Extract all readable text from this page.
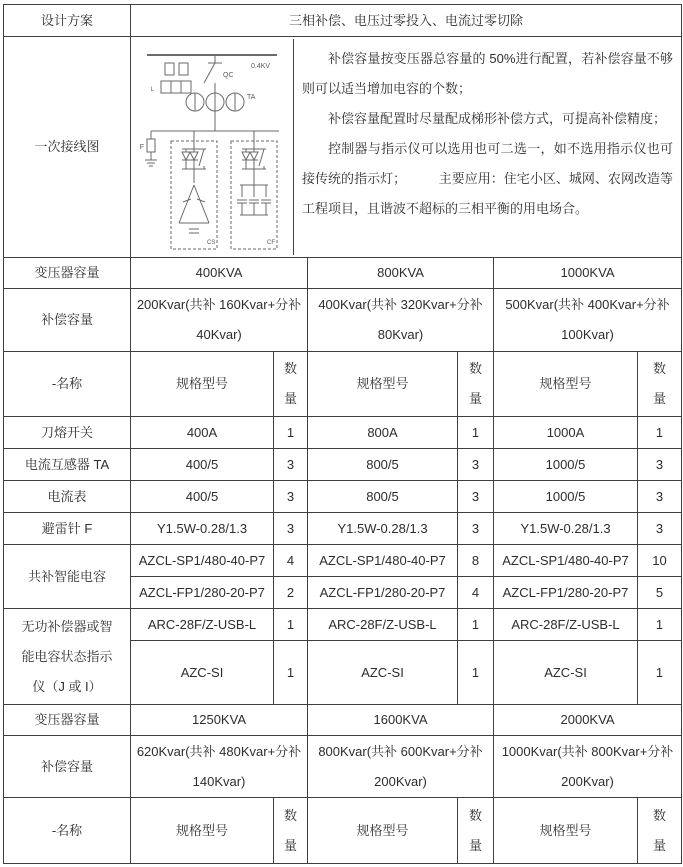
设计方案	三相补偿、电压过零投入、电流过零切除					
一次接线图	
0.4KV
L
QC
TA
F
CS	CF

补偿容量按变压器总容量的 50%进行配置，若补偿容量不够则可以适当增加电容的个数；

补偿容量配置时尽量配成梯形补偿方式，可提高补偿精度；

控制器与指示仪可以选用也可二选一，如不选用指示仪也可接传统的指示灯；　　　主要应用：住宅小区、城网、农网改造等工程项目，且谐波不超标的三相平衡的用电场合。

变压器容量	400KVA		800KVA		1000KVA	
补偿容量	200Kvar(共补 160Kvar+分补 40Kvar)		400Kvar(共补 320Kvar+分补 80Kvar)		500Kvar(共补 400Kvar+分补 100Kvar)	
-名称	规格型号	数量	规格型号	数量	规格型号	数量

刀熔开关	400A	1	800A	1	1000A	1
电流互感器 TA	400/5	3	800/5	3	1000/5	3
电流表	400/5	3	800/5	3	1000/5	3
避雷针 F	Y1.5W-0.28/1.3	3	Y1.5W-0.28/1.3	3	Y1.5W-0.28/1.3	3
共补智能电容	AZCL-SP1/480-40-P7	4	AZCL-SP1/480-40-P7	8	AZCL-SP1/480-40-P7	10
	AZCL-FP1/280-20-P7	2	AZCL-FP1/280-20-P7	4	AZCL-FP1/280-20-P7	5
无功补偿器或智能电容状态指示仪（J 或 I）	ARC-28F/Z-USB-L	1	ARC-28F/Z-USB-L	1	ARC-28F/Z-USB-L	1
	AZC-SI	1	AZC-SI	1	AZC-SI	1
变压器容量	1250KVA		1600KVA		2000KVA	
补偿容量	620Kvar(共补 480Kvar+分补 140Kvar)		800Kvar(共补 600Kvar+分补 200Kvar)		1000Kvar(共补 800Kvar+分补 200Kvar)	
-名称	规格型号	数量	规格型号	数量	规格型号	数量
